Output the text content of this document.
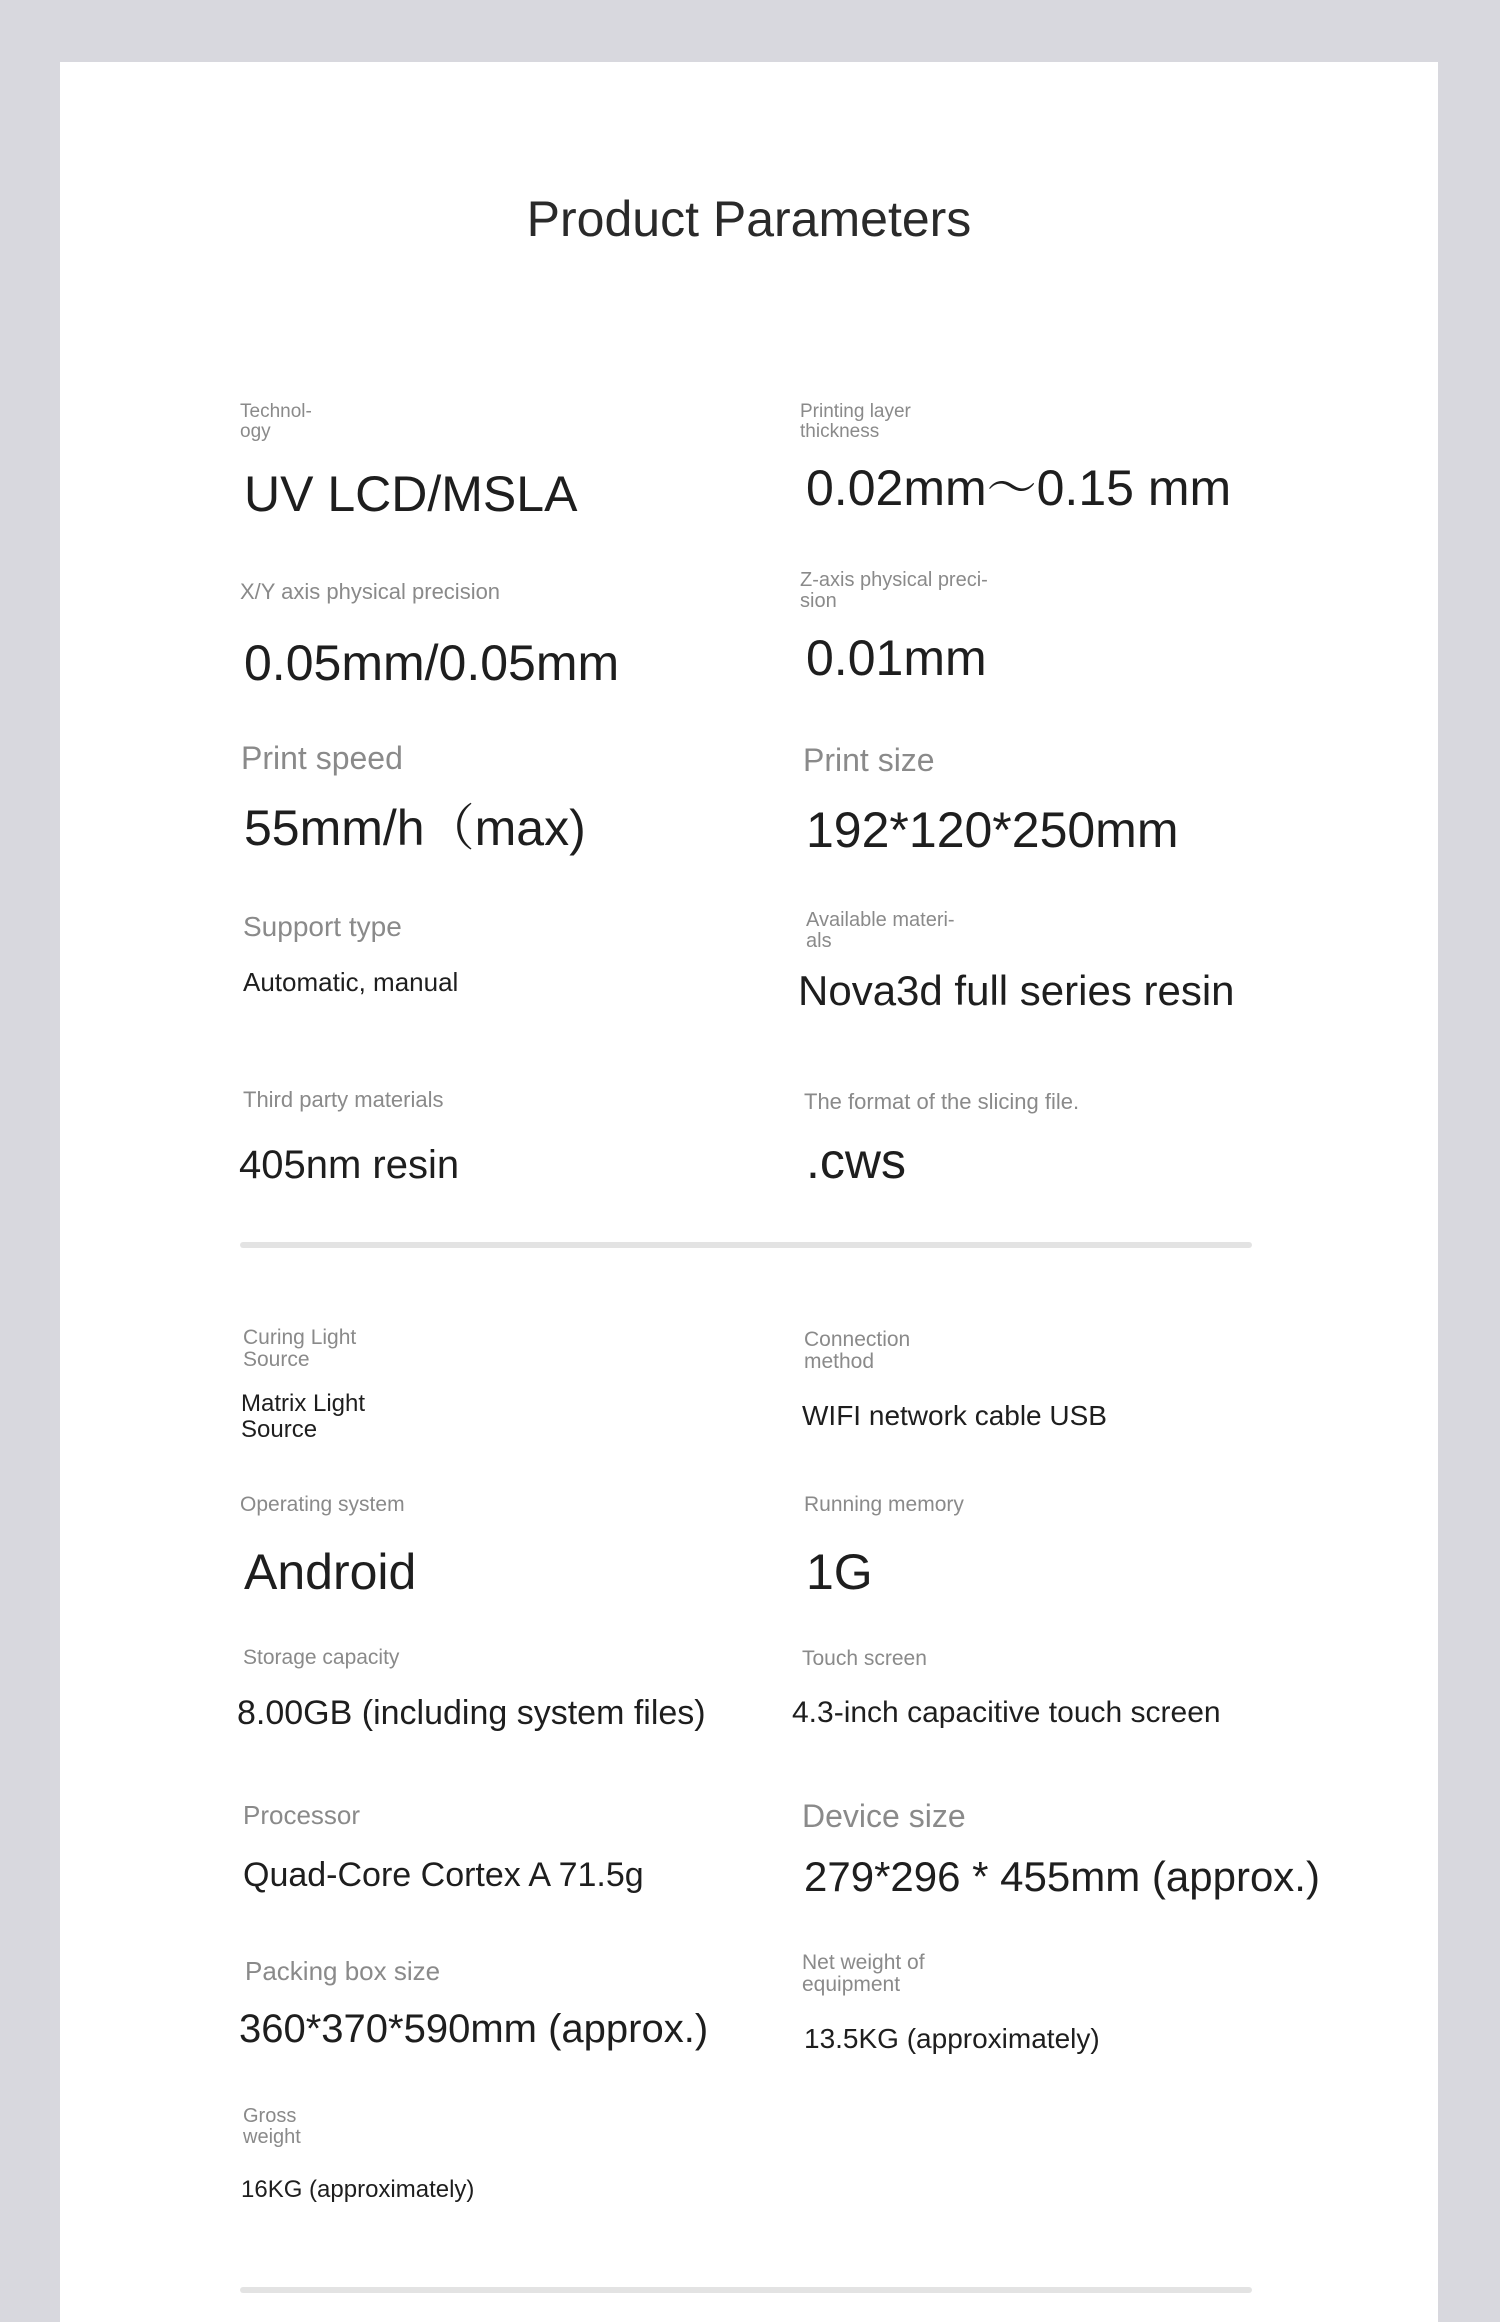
Product Parameters
Technol-
ogy
UV LCD/MSLA
Printing layer
thickness
0.02mm～0.15 mm
X/Y axis physical precision
0.05mm/0.05mm
Z-axis physical preci-
sion
0.01mm
Print speed
55mm/h（max)
Print size
192*120*250mm
Support type
Automatic, manual
Available materi-
als
Nova3d full series resin
Third party materials
405nm resin
The format of the slicing file.
.cws
Curing Light
Source
Matrix Light
Source
Connection
method
WIFI network cable USB
Operating system
Android
Running memory
1G
Storage capacity
8.00GB (including system files)
Touch screen
4.3-inch capacitive touch screen
Processor
Quad-Core Cortex A 71.5g
Device size
279*296 * 455mm (approx.)
Packing box size
360*370*590mm (approx.)
Net weight of
equipment
13.5KG (approximately)
Gross
weight
16KG (approximately)
